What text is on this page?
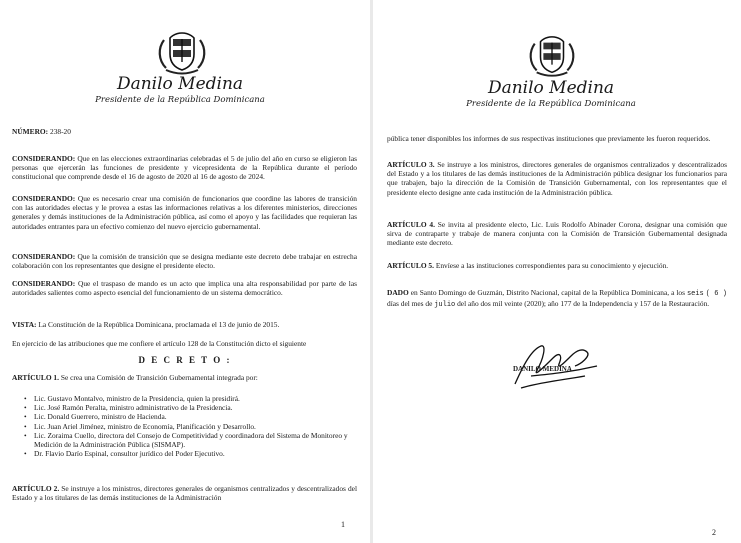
Danilo Medina
Presidente de la República Dominicana
NÚMERO: 238-20
CONSIDERANDO: Que en las elecciones extraordinarias celebradas el 5 de julio del año en curso se eligieron las personas que ejercerán las funciones de presidente y vicepresidenta de la República durante el período constitucional que comprende desde el 16 de agosto de 2020 al 16 de agosto de 2024.
CONSIDERANDO: Que es necesario crear una comisión de funcionarios que coordine las labores de transición con las autoridades electas y le provea a estas las informaciones relativas a los diferentes ministerios, direcciones generales y demás instituciones de la Administración pública, así como el apoyo y las facilidades que requieran las autoridades entrantes para un efectivo comienzo del nuevo ejercicio gubernamental.
CONSIDERANDO: Que la comisión de transición que se designa mediante este decreto debe trabajar en estrecha colaboración con los representantes que designe el presidente electo.
CONSIDERANDO: Que el traspaso de mando es un acto que implica una alta responsabilidad por parte de las autoridades salientes como aspecto esencial del funcionamiento de un sistema democrático.
VISTA: La Constitución de la República Dominicana, proclamada el 13 de junio de 2015.
En ejercicio de las atribuciones que me confiere el artículo 128 de la Constitución dicto el siguiente
D E C R E T O :
ARTÍCULO 1. Se crea una Comisión de Transición Gubernamental integrada por:
• Lic. Gustavo Montalvo, ministro de la Presidencia, quien la presidirá.
• Lic. José Ramón Peralta, ministro administrativo de la Presidencia.
• Lic. Donald Guerrero, ministro de Hacienda.
• Lic. Juan Ariel Jiménez, ministro de Economía, Planificación y Desarrollo.
• Lic. Zoraima Cuello, directora del Consejo de Competitividad y coordinadora del Sistema de Monitoreo y Medición de la Administración Pública (SISMAP).
• Dr. Flavio Darío Espinal, consultor jurídico del Poder Ejecutivo.
ARTÍCULO 2. Se instruye a los ministros, directores generales de organismos centralizados y descentralizados del Estado y a los titulares de las demás instituciones de la Administración
1
Danilo Medina
Presidente de la República Dominicana
pública tener disponibles los informes de sus respectivas instituciones que previamente les fueron requeridos.
ARTÍCULO 3. Se instruye a los ministros, directores generales de organismos centralizados y descentralizados del Estado y a los titulares de las demás instituciones de la Administración pública designar los funcionarios para que trabajen, bajo la dirección de la Comisión de Transición Gubernamental, con los representantes que el presidente electo designe ante cada institución de la Administración pública.
ARTÍCULO 4. Se invita al presidente electo, Lic. Luis Rodolfo Abinader Corona, designar una comisión que sirva de contraparte y trabaje de manera conjunta con la Comisión de Transición Gubernamental designada mediante este decreto.
ARTÍCULO 5. Envíese a las instituciones correspondientes para su conocimiento y ejecución.
DADO en Santo Domingo de Guzmán, Distrito Nacional, capital de la República Dominicana, a los seis ( 6 ) días del mes de julio del año dos mil veinte (2020); año 177 de la Independencia y 157 de la Restauración.
DANILO MEDINA
2
